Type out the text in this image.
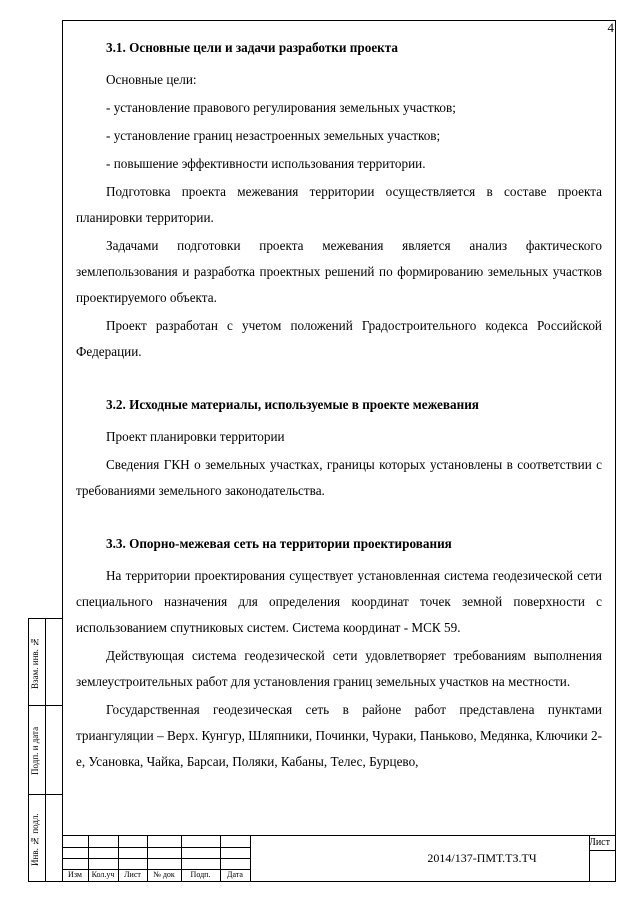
4
3.1. Основные цели и задачи разработки проекта

Основные цели:

- установление правового регулирования земельных участков;

- установление границ незастроенных земельных участков;

- повышение эффективности использования территории.

Подготовка проекта межевания территории осуществляется в составе проекта планировки территории.

Задачами подготовки проекта межевания является анализ фактического землепользования и разработка проектных решений по формированию земельных участков проектируемого объекта.

Проект разработан с учетом положений Градостроительного кодекса Российской Федерации.

3.2. Исходные материалы, используемые в проекте межевания

Проект планировки территории

Сведения ГКН о земельных участках, границы которых установлены в соответствии с требованиями земельного законодательства.

3.3. Опорно-межевая сеть на территории проектирования

На территории проектирования существует установленная система геодезической сети специального назначения для определения координат точек земной поверхности с использованием спутниковых систем. Система координат - МСК 59.

Действующая система геодезической сети удовлетворяет требованиям выполнения землеустроительных работ для установления границ земельных участков на местности.

Государственная геодезическая сеть в районе работ представлена пунктами триангуляции – Верх. Кунгур, Шляпники, Починки, Чураки, Паньково, Медянка, Ключики 2-е, Усановка, Чайка, Барсаи, Поляки, Кабаны, Телес, Бурцево,

Взам. инв. №
Подп. и дата
Инв. № подл.	2014/137-ПМТ.ТЗ.ТЧ
Лист
Изм	Кол.уч	Лист	№ док	Подп.	Дата
